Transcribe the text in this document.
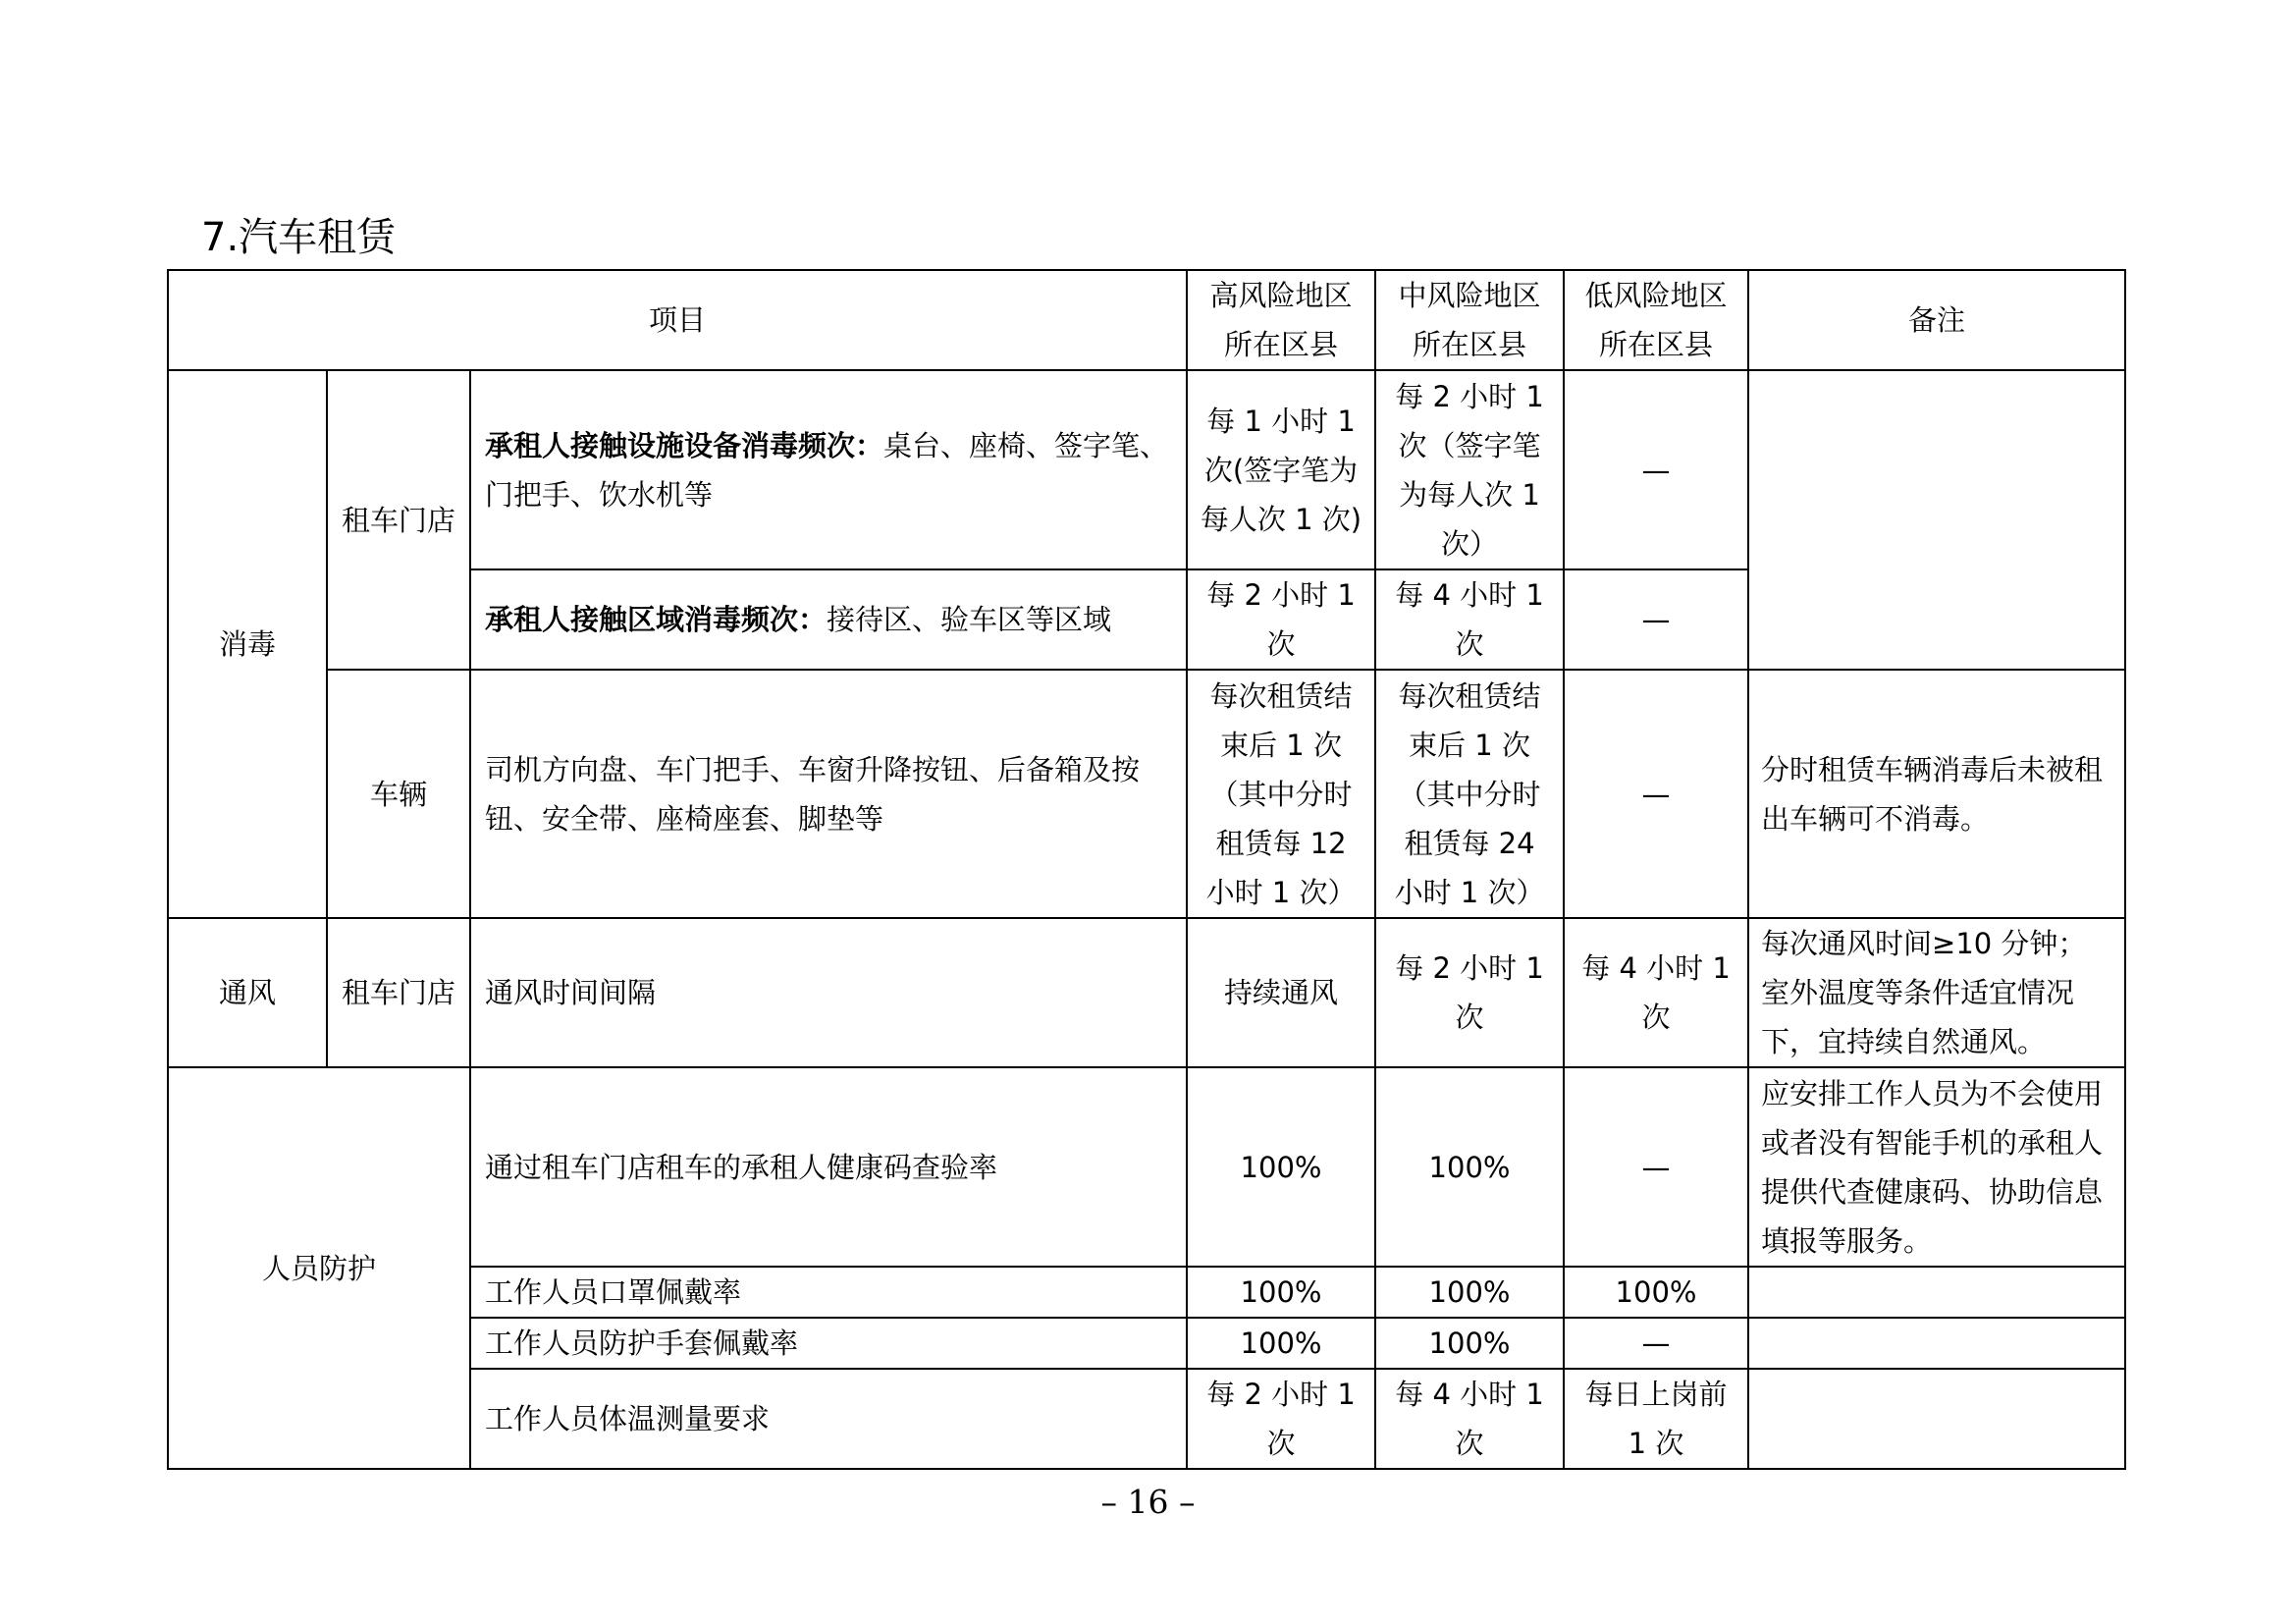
7.汽车租赁
项目			高风险地区所在区县	中风险地区所在区县	低风险地区所在区县	备注
消毒	租车门店	承租人接触设施设备消毒频次：桌台、座椅、签字笔、门把手、饮水机等	每 1 小时 1 次(签字笔为每人次 1 次)	每 2 小时 1 次（签字笔为每人次 1 次）	—	
		承租人接触区域消毒频次：接待区、验车区等区域	每 2 小时 1 次	每 4 小时 1 次	—	
	车辆	司机方向盘、车门把手、车窗升降按钮、后备箱及按钮、安全带、座椅座套、脚垫等	每次租赁结束后 1 次（其中分时租赁每 12 小时 1 次）	每次租赁结束后 1 次（其中分时租赁每 24 小时 1 次）	—	分时租赁车辆消毒后未被租出车辆可不消毒。
通风	租车门店	通风时间间隔	持续通风	每 2 小时 1 次	每 4 小时 1 次	每次通风时间≥10 分钟；室外温度等条件适宜情况下，宜持续自然通风。
人员防护		通过租车门店租车的承租人健康码查验率	100%	100%	—	应安排工作人员为不会使用或者没有智能手机的承租人提供代查健康码、协助信息填报等服务。
		工作人员口罩佩戴率	100%	100%	100%	
		工作人员防护手套佩戴率	100%	100%	—	
		工作人员体温测量要求	每 2 小时 1 次	每 4 小时 1 次	每日上岗前 1 次	
– 16 –
